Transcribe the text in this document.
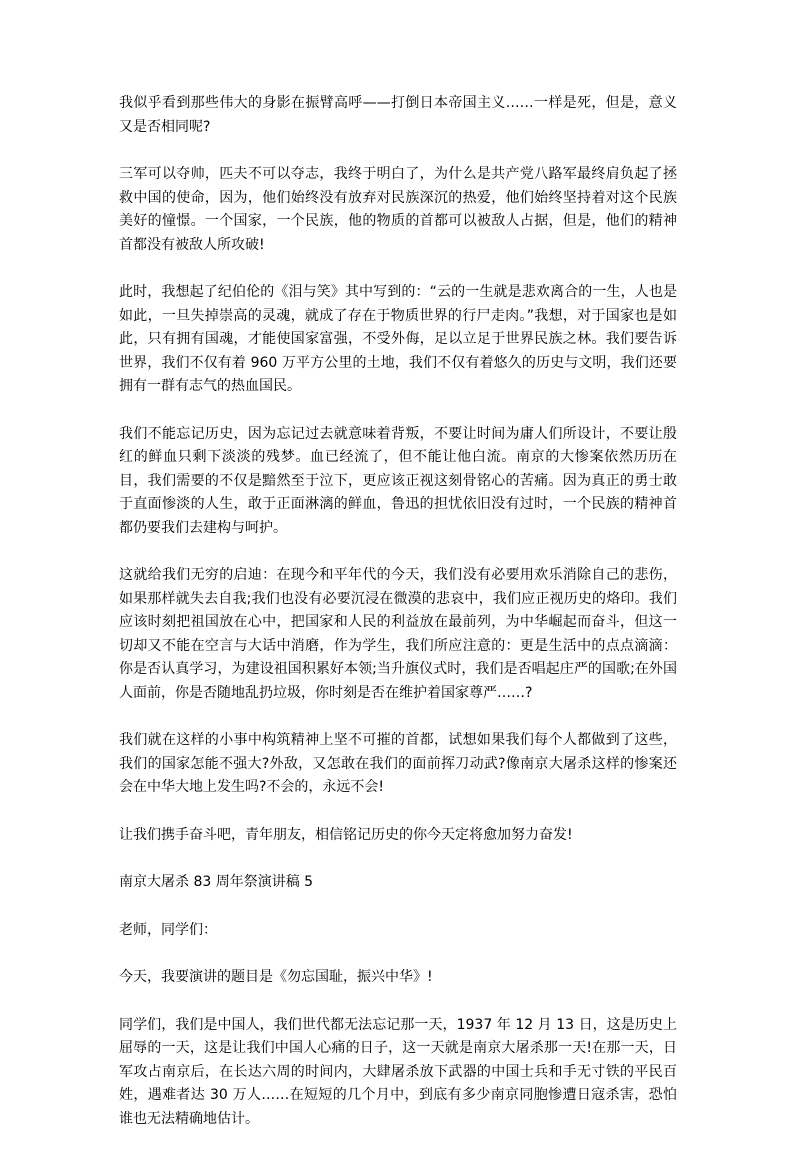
我似乎看到那些伟大的身影在振臂高呼——打倒日本帝国主义……一样是死，但是，意义又是否相同呢?

三军可以夺帅，匹夫不可以夺志，我终于明白了，为什么是共产党八路军最终肩负起了拯救中国的使命，因为，他们始终没有放弃对民族深沉的热爱，他们始终坚持着对这个民族美好的憧憬。一个国家，一个民族，他的物质的首都可以被敌人占据，但是，他们的精神首都没有被敌人所攻破!

此时，我想起了纪伯伦的《泪与笑》其中写到的：“云的一生就是悲欢离合的一生，人也是如此，一旦失掉崇高的灵魂，就成了存在于物质世界的行尸走肉。”我想，对于国家也是如此，只有拥有国魂，才能使国家富强，不受外侮，足以立足于世界民族之林。我们要告诉世界，我们不仅有着 960 万平方公里的土地，我们不仅有着悠久的历史与文明，我们还要拥有一群有志气的热血国民。

我们不能忘记历史，因为忘记过去就意味着背叛，不要让时间为庸人们所设计，不要让殷红的鲜血只剩下淡淡的残梦。血已经流了，但不能让他白流。南京的大惨案依然历历在目，我们需要的不仅是黯然至于泣下，更应该正视这刻骨铭心的苦痛。因为真正的勇士敢于直面惨淡的人生，敢于正面淋漓的鲜血，鲁迅的担忧依旧没有过时，一个民族的精神首都仍要我们去建构与呵护。

这就给我们无穷的启迪：在现今和平年代的今天，我们没有必要用欢乐消除自己的悲伤，如果那样就失去自我;我们也没有必要沉浸在微漠的悲哀中，我们应正视历史的烙印。我们应该时刻把祖国放在心中，把国家和人民的利益放在最前列，为中华崛起而奋斗，但这一切却又不能在空言与大话中消磨，作为学生，我们所应注意的：更是生活中的点点滴滴：你是否认真学习，为建设祖国积累好本领;当升旗仪式时，我们是否唱起庄严的国歌;在外国人面前，你是否随地乱扔垃圾，你时刻是否在维护着国家尊严……?

我们就在这样的小事中构筑精神上坚不可摧的首都，试想如果我们每个人都做到了这些，我们的国家怎能不强大?外敌，又怎敢在我们的面前挥刀动武?像南京大屠杀这样的惨案还会在中华大地上发生吗?不会的，永远不会!

让我们携手奋斗吧，青年朋友，相信铭记历史的你今天定将愈加努力奋发!

南京大屠杀 83 周年祭演讲稿 5

老师，同学们：

今天，我要演讲的题目是《勿忘国耻，振兴中华》!

同学们，我们是中国人，我们世代都无法忘记那一天，1937 年 12 月 13 日，这是历史上屈辱的一天，这是让我们中国人心痛的日子，这一天就是南京大屠杀那一天!在那一天，日军攻占南京后，在长达六周的时间内，大肆屠杀放下武器的中国士兵和手无寸铁的平民百姓，遇难者达 30 万人……在短短的几个月中，到底有多少南京同胞惨遭日寇杀害，恐怕谁也无法精确地估计。
